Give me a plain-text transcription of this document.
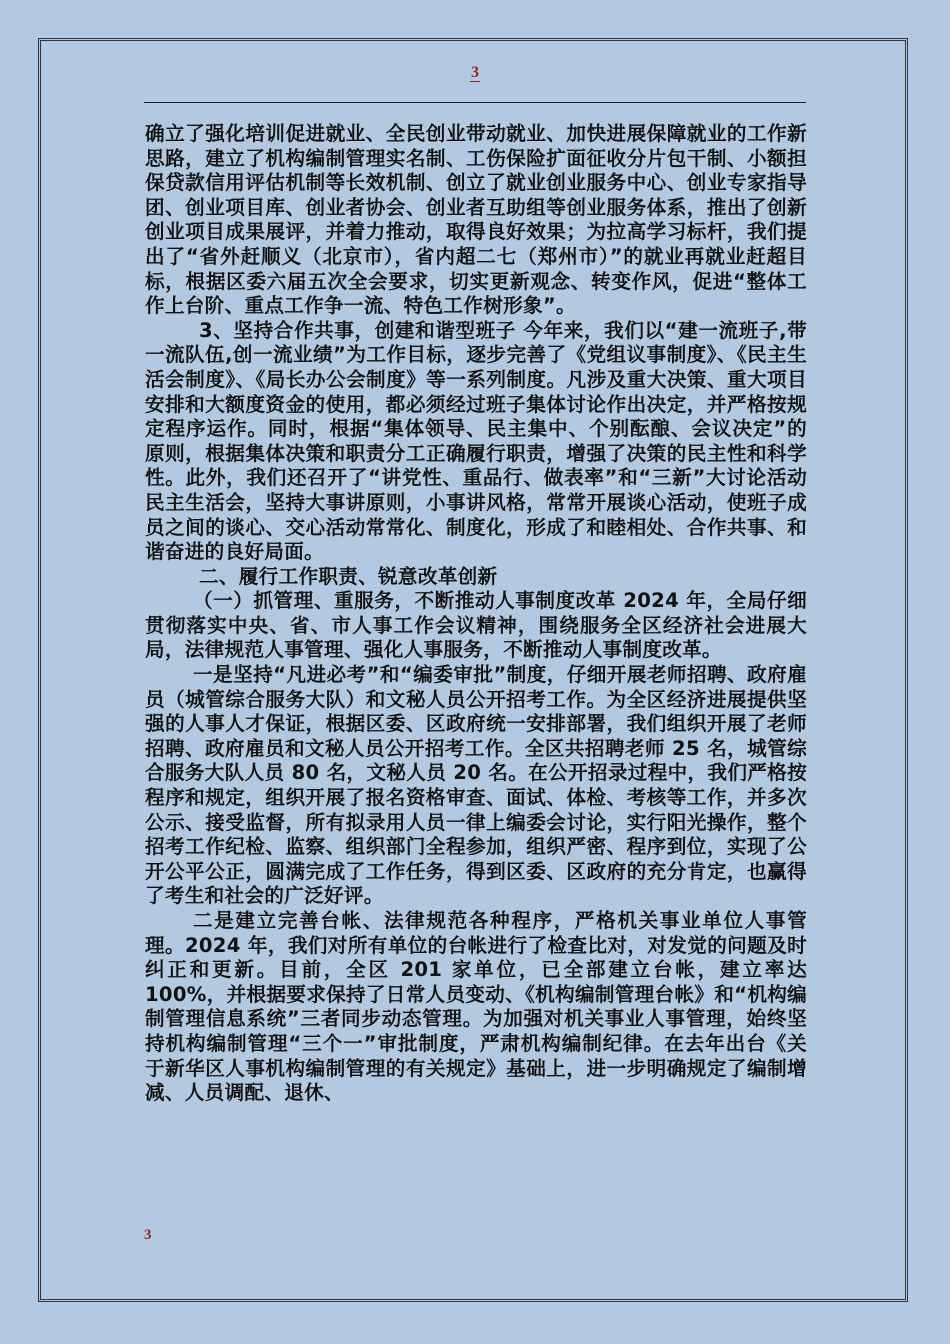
3

确立了强化培训促进就业、全民创业带动就业、加快进展保障就业的工作新思路，建立了机构编制管理实名制、工伤保险扩面征收分片包干制、小额担保贷款信用评估机制等长效机制、创立了就业创业服务中心、创业专家指导团、创业项目库、创业者协会、创业者互助组等创业服务体系，推出了创新创业项目成果展评，并着力推动，取得良好效果；为拉高学习标杆，我们提出了“省外赶顺义（北京市），省内超二七（郑州市）”的就业再就业赶超目标，根据区委六届五次全会要求，切实更新观念、转变作风，促进“整体工作上台阶、重点工作争一流、特色工作树形象”。

3、坚持合作共事，创建和谐型班子 今年来，我们以“建一流班子,带一流队伍,创一流业绩”为工作目标，逐步完善了《党组议事制度》、《民主生活会制度》、《局长办公会制度》等一系列制度。凡涉及重大决策、重大项目安排和大额度资金的使用，都必须经过班子集体讨论作出决定，并严格按规定程序运作。同时，根据“集体领导、民主集中、个别酝酿、会议决定”的原则，根据集体决策和职责分工正确履行职责，增强了决策的民主性和科学性。此外，我们还召开了“讲党性、重品行、做表率”和“三新”大讨论活动民主生活会，坚持大事讲原则，小事讲风格，常常开展谈心活动，使班子成员之间的谈心、交心活动常常化、制度化，形成了和睦相处、合作共事、和谐奋进的良好局面。

二、履行工作职责、锐意改革创新

（一）抓管理、重服务，不断推动人事制度改革 2024 年，全局仔细贯彻落实中央、省、市人事工作会议精神，围绕服务全区经济社会进展大局，法律规范人事管理、强化人事服务，不断推动人事制度改革。

一是坚持“凡进必考”和“编委审批”制度，仔细开展老师招聘、政府雇员（城管综合服务大队）和文秘人员公开招考工作。为全区经济进展提供坚强的人事人才保证，根据区委、区政府统一安排部署，我们组织开展了老师招聘、政府雇员和文秘人员公开招考工作。全区共招聘老师 25 名，城管综合服务大队人员 80 名，文秘人员 20 名。在公开招录过程中，我们严格按程序和规定，组织开展了报名资格审查、面试、体检、考核等工作，并多次公示、接受监督，所有拟录用人员一律上编委会讨论，实行阳光操作，整个招考工作纪检、监察、组织部门全程参加，组织严密、程序到位，实现了公开公平公正，圆满完成了工作任务，得到区委、区政府的充分肯定，也赢得了考生和社会的广泛好评。

二是建立完善台帐、法律规范各种程序，严格机关事业单位人事管理。2024 年，我们对所有单位的台帐进行了检查比对，对发觉的问题及时纠正和更新。目前，全区 201 家单位，已全部建立台帐，建立率达 100%，并根据要求保持了日常人员变动、《机构编制管理台帐》和“机构编制管理信息系统”三者同步动态管理。为加强对机关事业人事管理，始终坚持机构编制管理“三个一”审批制度，严肃机构编制纪律。在去年出台《关于新华区人事机构编制管理的有关规定》基础上，进一步明确规定了编制增减、人员调配、退休、

3
